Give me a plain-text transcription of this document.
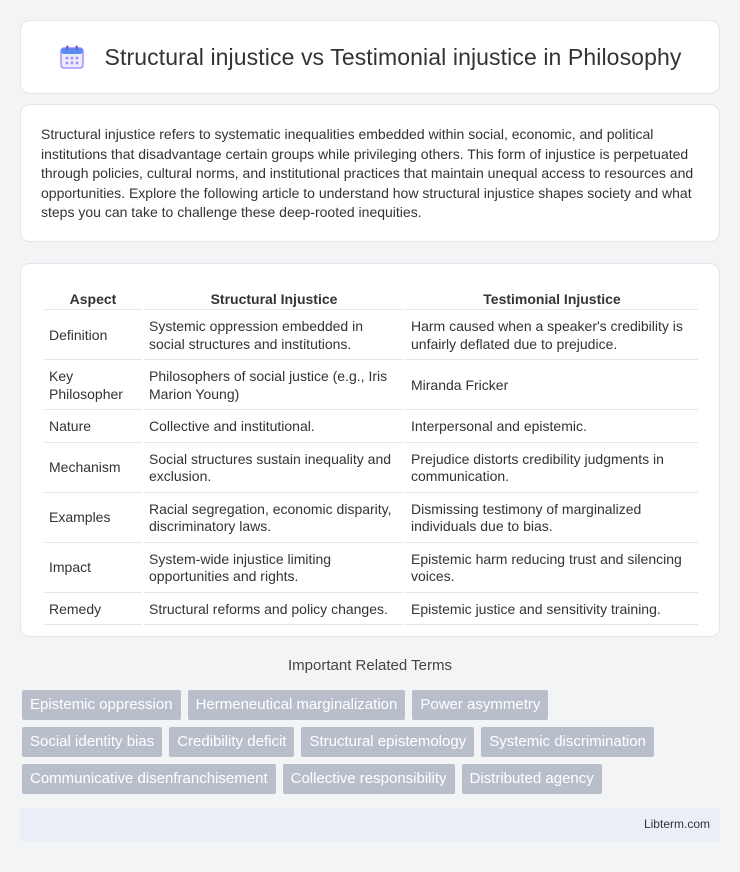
Structural injustice vs Testimonial injustice in Philosophy

Structural injustice refers to systematic inequalities embedded within social, economic, and political institutions that disadvantage certain groups while privileging others. This form of injustice is perpetuated through policies, cultural norms, and institutional practices that maintain unequal access to resources and opportunities. Explore the following article to understand how structural injustice shapes society and what steps you can take to challenge these deep-rooted inequities.

Aspect	Structural Injustice	Testimonial Injustice
Definition	Systemic oppression embedded in social structures and institutions.	Harm caused when a speaker's credibility is unfairly deflated due to prejudice.
Key Philosopher	Philosophers of social justice (e.g., Iris Marion Young)	Miranda Fricker
Nature	Collective and institutional.	Interpersonal and epistemic.
Mechanism	Social structures sustain inequality and exclusion.	Prejudice distorts credibility judgments in communication.
Examples	Racial segregation, economic disparity, discriminatory laws.	Dismissing testimony of marginalized individuals due to bias.
Impact	System-wide injustice limiting opportunities and rights.	Epistemic harm reducing trust and silencing voices.
Remedy	Structural reforms and policy changes.	Epistemic justice and sensitivity training.
Important Related Terms
Epistemic oppression	Hermeneutical marginalization	Power asymmetry
Social identity bias	Credibility deficit	Structural epistemology	Systemic discrimination
Communicative disenfranchisement	Collective responsibility	Distributed agency
Libterm.com
